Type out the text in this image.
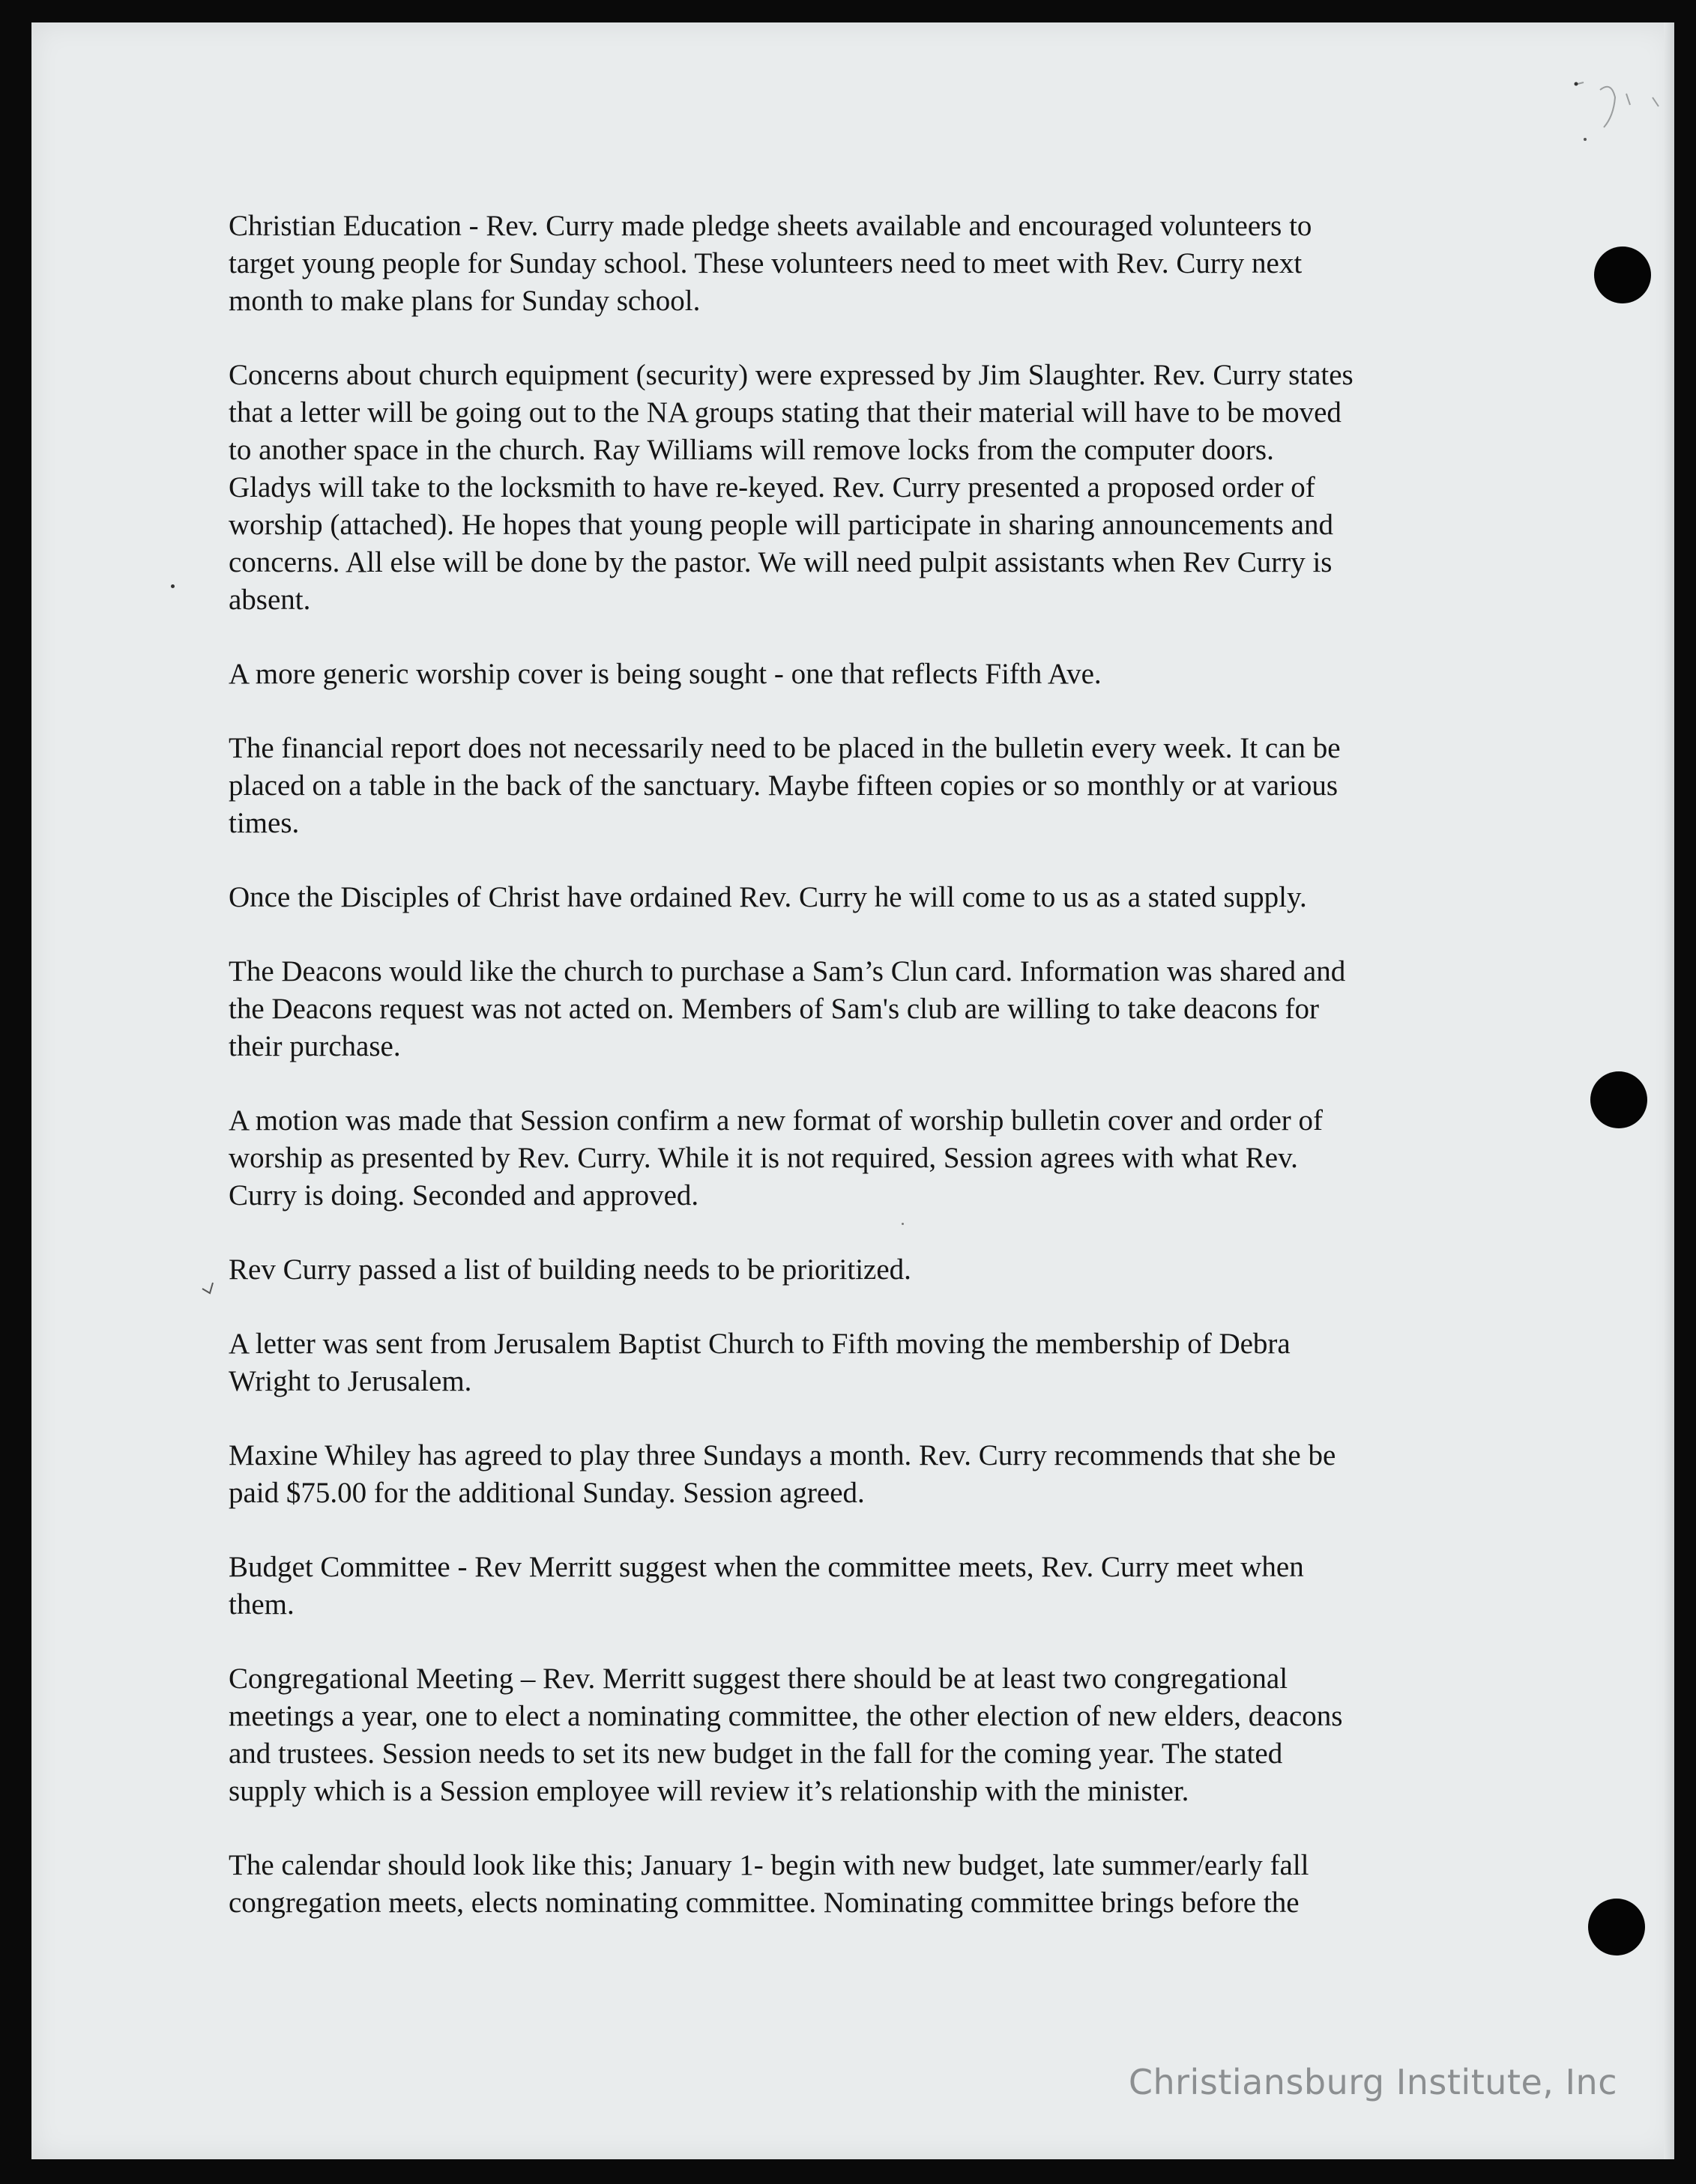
Christian Education - Rev. Curry made pledge sheets available and encouraged volunteers to
target young people for Sunday school. These volunteers need to meet with Rev. Curry next
month to make plans for Sunday school.

Concerns about church equipment (security) were expressed by Jim Slaughter. Rev. Curry states
that a letter will be going out to the NA groups stating that their material will have to be moved
to another space in the church. Ray Williams will remove locks from the computer doors.
Gladys will take to the locksmith to have re-keyed. Rev. Curry presented a proposed order of
worship (attached). He hopes that young people will participate in sharing announcements and
concerns. All else will be done by the pastor. We will need pulpit assistants when Rev Curry is
absent.

A more generic worship cover is being sought - one that reflects Fifth Ave.

The financial report does not necessarily need to be placed in the bulletin every week. It can be
placed on a table in the back of the sanctuary. Maybe fifteen copies or so monthly or at various
times.

Once the Disciples of Christ have ordained Rev. Curry he will come to us as a stated supply.

The Deacons would like the church to purchase a Sam’s Clun card. Information was shared and
the Deacons request was not acted on. Members of Sam's club are willing to take deacons for
their purchase.

A motion was made that Session confirm a new format of worship bulletin cover and order of
worship as presented by Rev. Curry. While it is not required, Session agrees with what Rev.
Curry is doing. Seconded and approved.

Rev Curry passed a list of building needs to be prioritized.

A letter was sent from Jerusalem Baptist Church to Fifth moving the membership of Debra
Wright to Jerusalem.

Maxine Whiley has agreed to play three Sundays a month. Rev. Curry recommends that she be
paid $75.00 for the additional Sunday. Session agreed.

Budget Committee - Rev Merritt suggest when the committee meets, Rev. Curry meet when
them.

Congregational Meeting – Rev. Merritt suggest there should be at least two congregational
meetings a year, one to elect a nominating committee, the other election of new elders, deacons
and trustees. Session needs to set its new budget in the fall for the coming year. The stated
supply which is a Session employee will review it’s relationship with the minister.

The calendar should look like this; January 1- begin with new budget, late summer/early fall
congregation meets, elects nominating committee. Nominating committee brings before the

Christiansburg Institute, Inc
